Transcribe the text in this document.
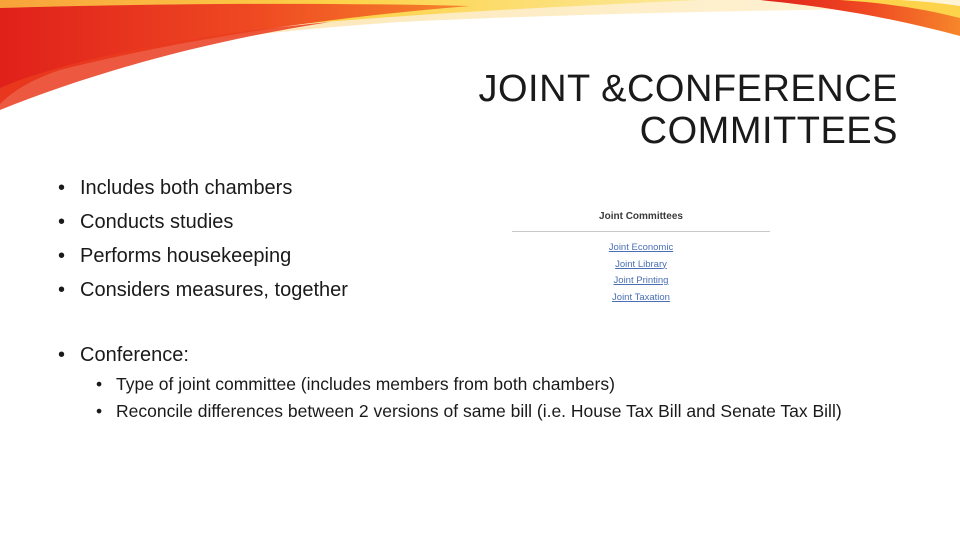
JOINT &CONFERENCE
COMMITTEES
• Includes both chambers
• Conducts studies
• Performs housekeeping
• Considers measures, together
Joint Committees
Joint Economic
Joint Library
Joint Printing
Joint Taxation
• Conference:
• Type of joint committee (includes members from both chambers)
• Reconcile differences between 2 versions of same bill (i.e. House Tax Bill and Senate Tax Bill)
